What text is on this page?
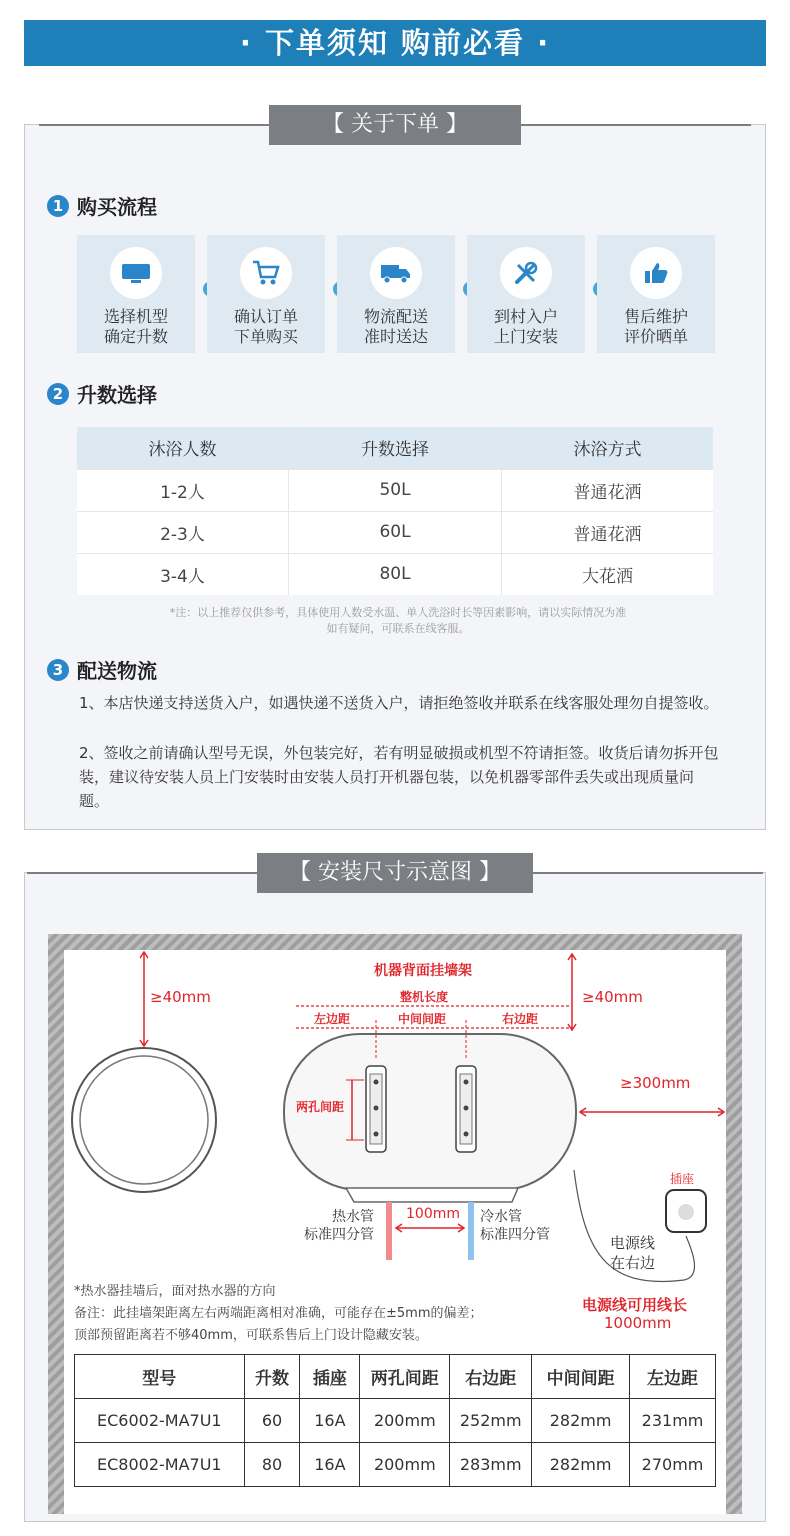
· 下单须知 购前必看 ·
【 关于下单 】
1 购买流程
选择机型
确定升数
确认订单
下单购买
物流配送
准时送达
到村入户
上门安装
售后维护
评价晒单
2 升数选择
沐浴人数	升数选择	沐浴方式
1-2人	50L	普通花洒
2-3人	60L	普通花洒
3-4人	80L	大花洒
*注：以上推荐仅供参考，具体使用人数受水温、单人洗浴时长等因素影响，请以实际情况为准
如有疑问，可联系在线客服。
3 配送物流
1、本店快递支持送货入户，如遇快递不送货入户，请拒绝签收并联系在线客服处理勿自提签收。
2、签收之前请确认型号无误，外包装完好，若有明显破损或机型不符请拒签。收货后请勿拆开包装，建议待安装人员上门安装时由安装人员打开机器包装，以免机器零部件丢失或出现质量问题。
【 安装尺寸示意图 】
≥40mm
机器背面挂墙架
整机长度
左边距	中间间距	右边距
≥40mm
≥300mm
两孔间距
插座
热水管
标准四分管
100mm 冷水管
标准四分管	电源线
在右边
电源线可用线长
1000mm
*热水器挂墙后，面对热水器的方向
备注：此挂墙架距离左右两端距离相对准确，可能存在±5mm的偏差；
顶部预留距离若不够40mm，可联系售后上门设计隐藏安装。
型号	升数	插座	两孔间距	右边距	中间间距	左边距
EC6002-MA7U1	60	16A	200mm	252mm	282mm	231mm
EC8002-MA7U1	80	16A	200mm	283mm	282mm	270mm
